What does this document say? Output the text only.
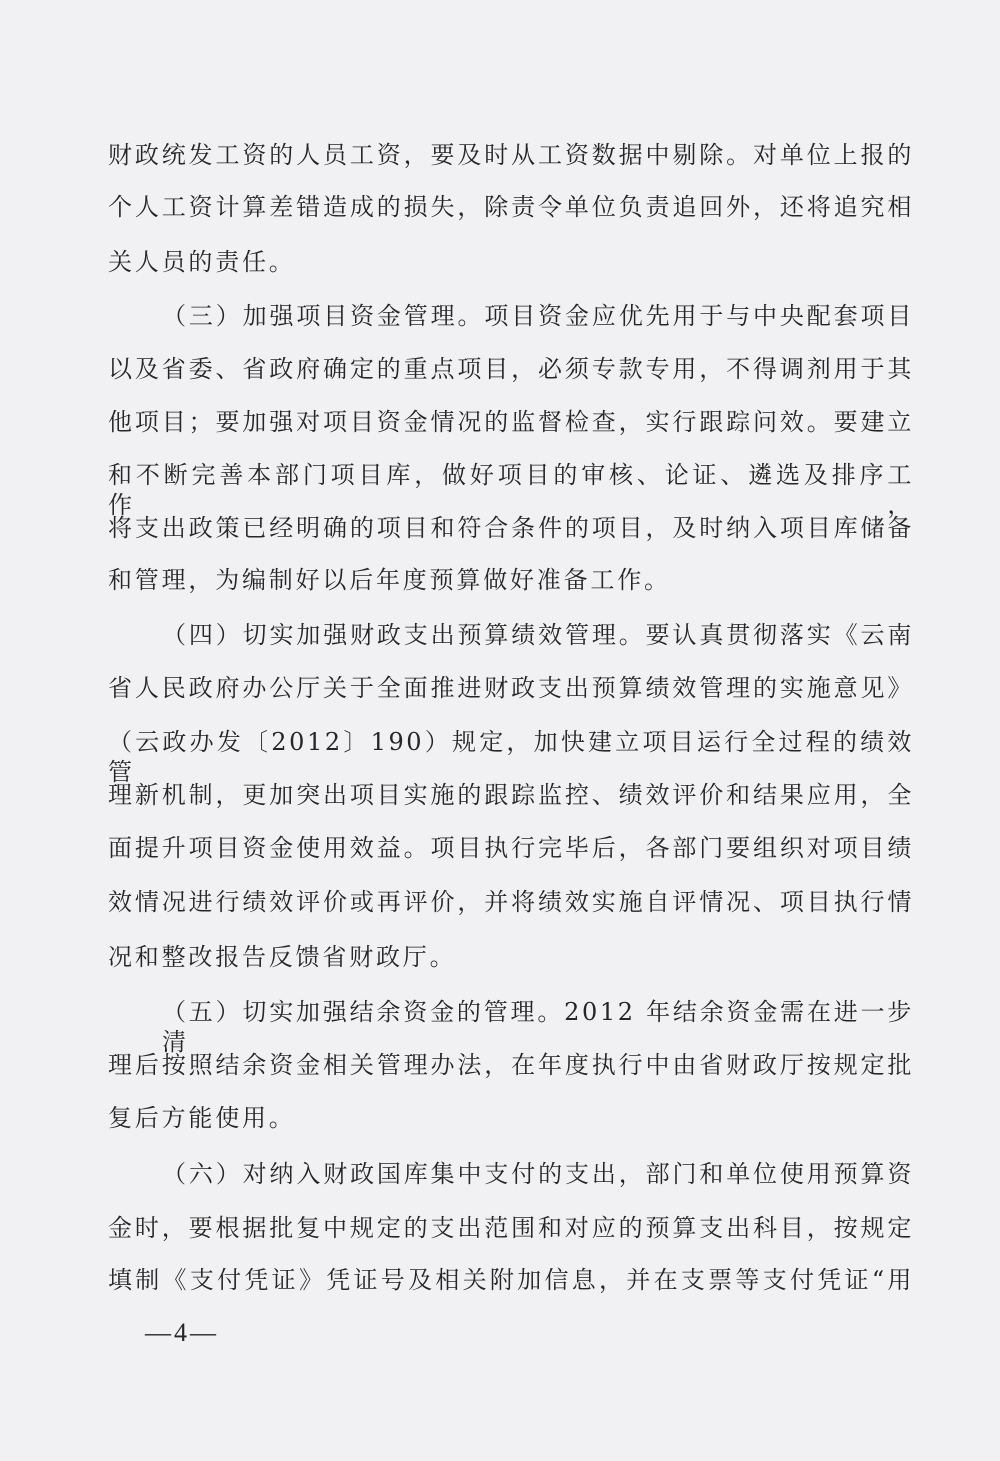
财政统发工资的人员工资，要及时从工资数据中剔除。对单位上报的
个人工资计算差错造成的损失，除责令单位负责追回外，还将追究相
关人员的责任。
（三）加强项目资金管理。项目资金应优先用于与中央配套项目
以及省委、省政府确定的重点项目，必须专款专用，不得调剂用于其
他项目；要加强对项目资金情况的监督检查，实行跟踪问效。要建立
和不断完善本部门项目库，做好项目的审核、论证、遴选及排序工作，
将支出政策已经明确的项目和符合条件的项目，及时纳入项目库储备
和管理，为编制好以后年度预算做好准备工作。
（四）切实加强财政支出预算绩效管理。要认真贯彻落实《云南
省人民政府办公厅关于全面推进财政支出预算绩效管理的实施意见》
（云政办发〔2012〕190）规定，加快建立项目运行全过程的绩效管
理新机制，更加突出项目实施的跟踪监控、绩效评价和结果应用，全
面提升项目资金使用效益。项目执行完毕后，各部门要组织对项目绩
效情况进行绩效评价或再评价，并将绩效实施自评情况、项目执行情
况和整改报告反馈省财政厅。
（五）切实加强结余资金的管理。2012 年结余资金需在进一步清
理后按照结余资金相关管理办法，在年度执行中由省财政厅按规定批
复后方能使用。
（六）对纳入财政国库集中支付的支出，部门和单位使用预算资
金时，要根据批复中规定的支出范围和对应的预算支出科目，按规定
填制《支付凭证》凭证号及相关附加信息，并在支票等支付凭证“用
—4—
